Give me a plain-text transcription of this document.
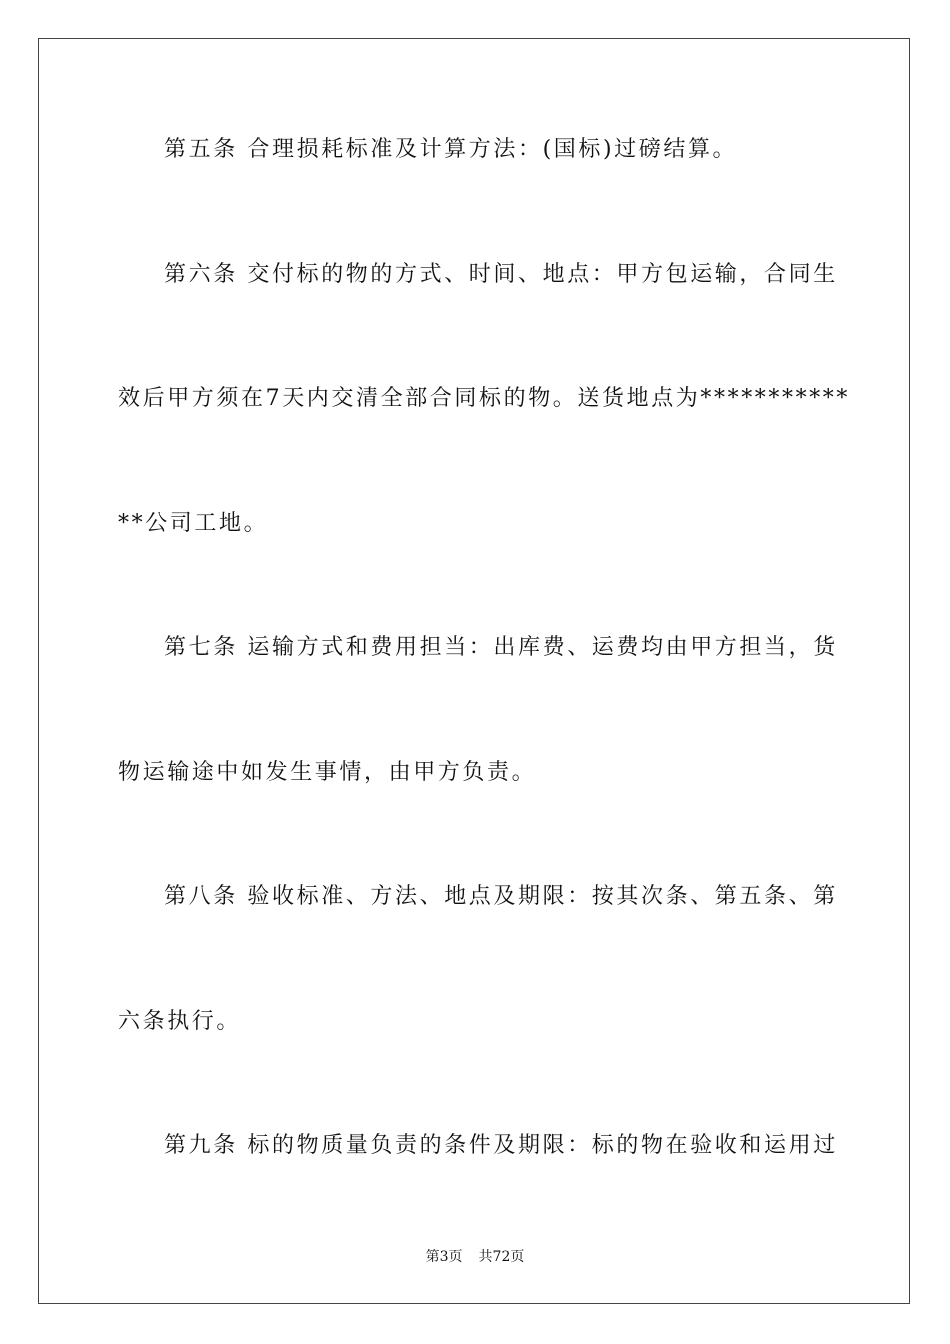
第五条 合理损耗标准及计算方法：(国标)过磅结算。
第六条 交付标的物的方式、时间、地点：甲方包运输，合同生
效后甲方须在7天内交清全部合同标的物。送货地点为***********
**公司工地。
第七条 运输方式和费用担当：出库费、运费均由甲方担当，货
物运输途中如发生事情，由甲方负责。
第八条 验收标准、方法、地点及期限：按其次条、第五条、第
六条执行。
第九条 标的物质量负责的条件及期限：标的物在验收和运用过
第3页 共72页
